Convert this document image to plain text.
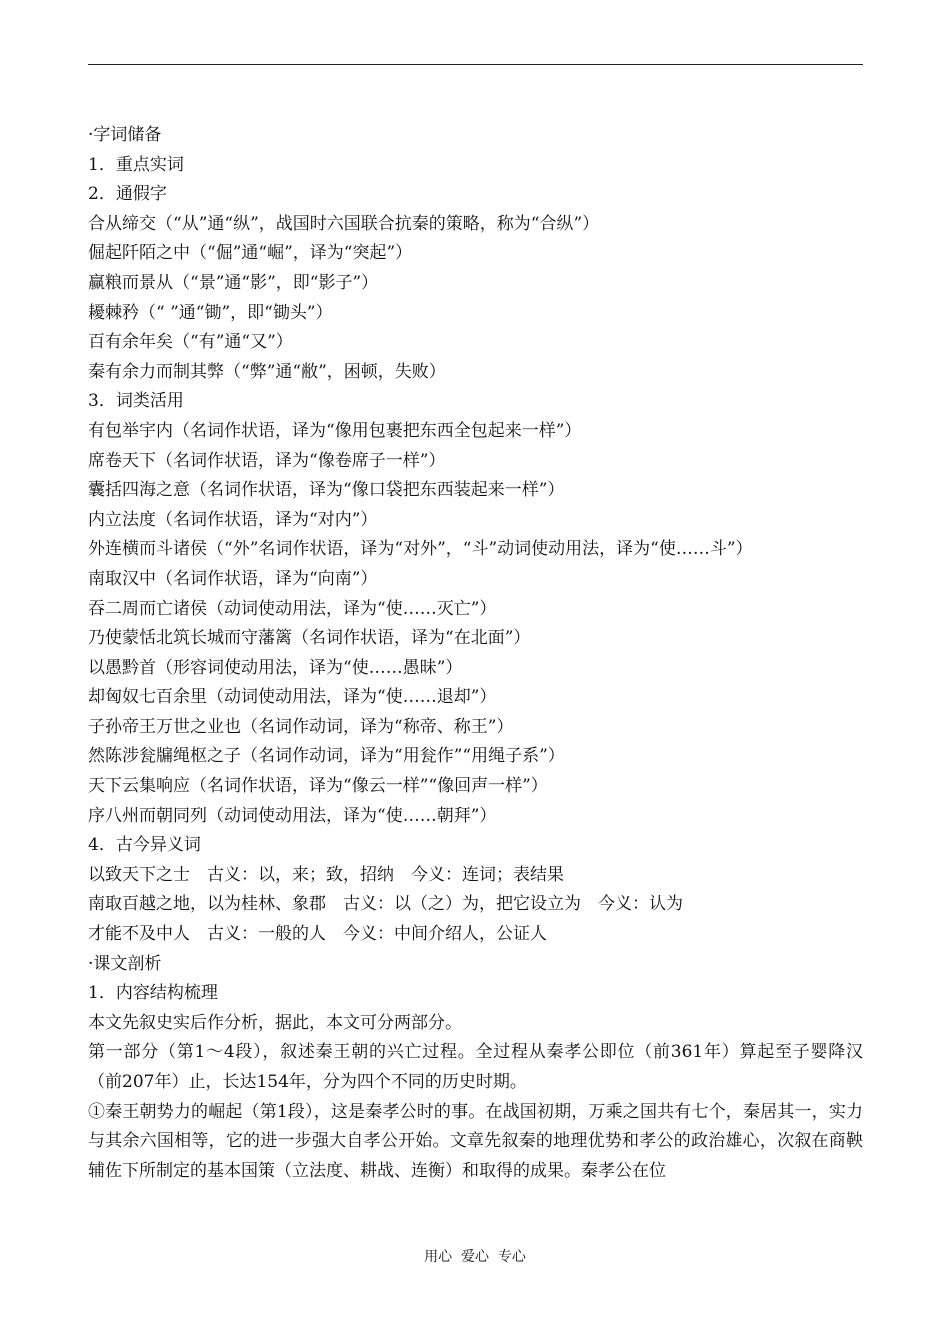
·字词储备

1．重点实词

2．通假字

合从缔交（“从”通“纵”，战国时六国联合抗秦的策略，称为“合纵”）

倔起阡陌之中（“倔”通“崛”，译为“突起”）

赢粮而景从（“景”通“影”，即“影子”）

耰棘矜（“ ”通“锄”，即“锄头”）

百有余年矣（“有”通“又”）

秦有余力而制其弊（“弊”通“敝”，困顿，失败）

3．词类活用

有包举宇内（名词作状语，译为“像用包裹把东西全包起来一样”）

席卷天下（名词作状语，译为“像卷席子一样”）

囊括四海之意（名词作状语，译为“像口袋把东西装起来一样”）

内立法度（名词作状语，译为“对内”）

外连横而斗诸侯（“外”名词作状语，译为“对外”，“斗”动词使动用法，译为“使……斗”）

南取汉中（名词作状语，译为“向南”）

吞二周而亡诸侯（动词使动用法，译为“使……灭亡”）

乃使蒙恬北筑长城而守藩篱（名词作状语，译为“在北面”）

以愚黔首（形容词使动用法，译为“使……愚昧”）

却匈奴七百余里（动词使动用法，译为“使……退却”）

子孙帝王万世之业也（名词作动词，译为“称帝、称王”）

然陈涉瓮牖绳枢之子（名词作动词，译为“用瓮作”“用绳子系”）

天下云集响应（名词作状语，译为“像云一样”“像回声一样”）

序八州而朝同列（动词使动用法，译为“使……朝拜”）

4．古今异义词

以致天下之士　古义：以，来；致，招纳　今义：连词；表结果

南取百越之地，以为桂林、象郡　古义：以（之）为，把它设立为　今义：认为

才能不及中人　古义：一般的人　今义：中间介绍人，公证人

·课文剖析

1．内容结构梳理

本文先叙史实后作分析，据此，本文可分两部分。

第一部分（第1～4段），叙述秦王朝的兴亡过程。全过程从秦孝公即位（前361年）算起至子婴降汉（前207年）止，长达154年，分为四个不同的历史时期。

①秦王朝势力的崛起（第1段），这是秦孝公时的事。在战国初期，万乘之国共有七个，秦居其一，实力与其余六国相等，它的进一步强大自孝公开始。文章先叙秦的地理优势和孝公的政治雄心，次叙在商鞅辅佐下所制定的基本国策（立法度、耕战、连衡）和取得的成果。秦孝公在位

用心  爱心  专心
